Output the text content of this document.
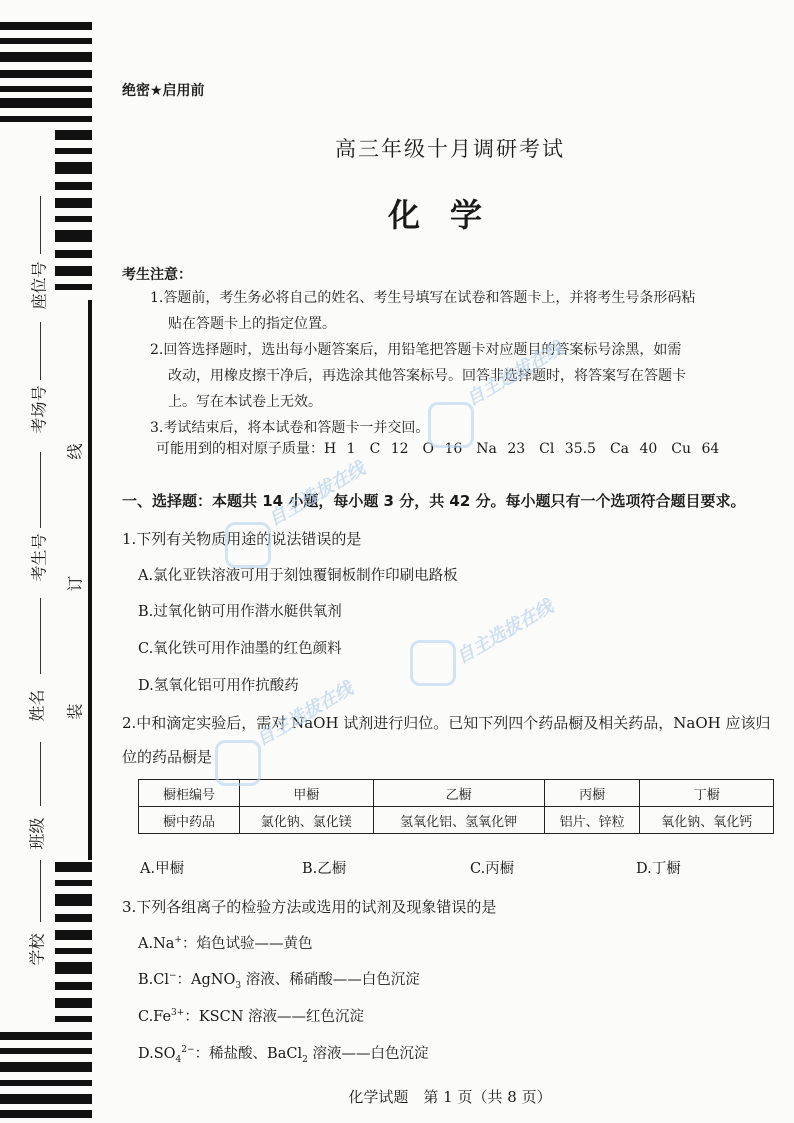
座位号
考场号
考生号
姓名
班级
学校
线
订
装
绝密★启用前
高三年级十月调研考试
化学
考生注意：
1.答题前，考生务必将自己的姓名、考生号填写在试卷和答题卡上，并将考生号条形码粘
贴在答题卡上的指定位置。
2.回答选择题时，选出每小题答案后，用铅笔把答题卡对应题目的答案标号涂黑，如需
改动，用橡皮擦干净后，再选涂其他答案标号。回答非选择题时，将答案写在答题卡
上。写在本试卷上无效。
3.考试结束后，将本试卷和答题卡一并交回。
可能用到的相对原子质量：H 1　C 12　O 16　Na 23　Cl 35.5　Ca 40　Cu 64
一、选择题：本题共 14 小题，每小题 3 分，共 42 分。每小题只有一个选项符合题目要求。
1.下列有关物质用途的说法错误的是
A.氯化亚铁溶液可用于刻蚀覆铜板制作印刷电路板
B.过氧化钠可用作潜水艇供氧剂
C.氧化铁可用作油墨的红色颜料
D.氢氧化铝可用作抗酸药
2.中和滴定实验后，需对 NaOH 试剂进行归位。已知下列四个药品橱及相关药品，NaOH 应该归位的药品橱是
橱柜编号	甲橱	乙橱	丙橱	丁橱
橱中药品	氯化钠、氯化镁	氢氧化铝、氢氧化钾	铝片、锌粒	氧化钠、氧化钙
A.甲橱	B.乙橱	C.丙橱	D.丁橱
3.下列各组离子的检验方法或选用的试剂及现象错误的是
A.Na+：焰色试验——黄色
B.Cl−：AgNO$_3$ 溶液、稀硝酸——白色沉淀
$C.Fe^{3+}$：KSCN 溶液——红色沉淀
$D.SO_4^{2-}$：稀盐酸、BaCl$_2$ 溶液——白色沉淀
化学试题　第 1 页（共 8 页）
自主选拔在线
自主选拔在线
自主选拔在线
自主选拔在线
